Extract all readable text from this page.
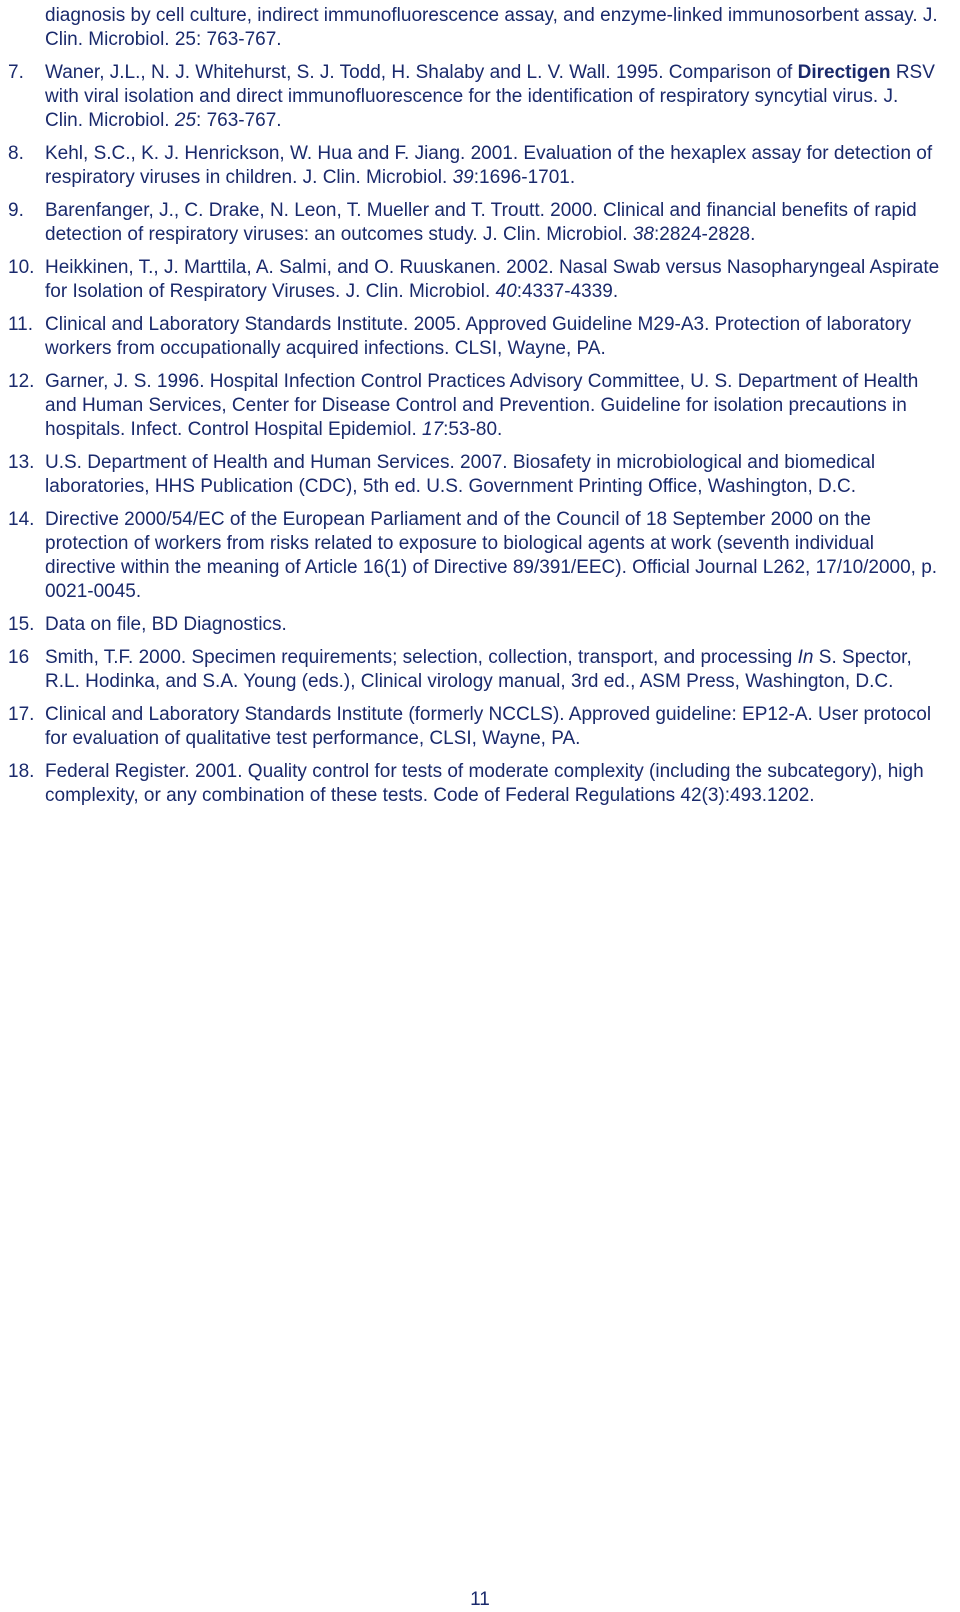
diagnosis by cell culture, indirect immunofluorescence assay, and enzyme-linked immunosorbent assay. J. Clin. Microbiol. 25: 763-767.
7. Waner, J.L., N. J. Whitehurst, S. J. Todd, H. Shalaby and L. V. Wall. 1995. Comparison of Directigen RSV with viral isolation and direct immunofluorescence for the identification of respiratory syncytial virus. J. Clin. Microbiol. 25: 763-767.
8. Kehl, S.C., K. J. Henrickson, W. Hua and F. Jiang. 2001. Evaluation of the hexaplex assay for detection of respiratory viruses in children. J. Clin. Microbiol. 39:1696-1701.
9. Barenfanger, J., C. Drake, N. Leon, T. Mueller and T. Troutt. 2000. Clinical and financial benefits of rapid detection of respiratory viruses: an outcomes study. J. Clin. Microbiol. 38:2824-2828.
10. Heikkinen, T., J. Marttila, A. Salmi, and O. Ruuskanen. 2002. Nasal Swab versus Nasopharyngeal Aspirate for Isolation of Respiratory Viruses. J. Clin. Microbiol. 40:4337-4339.
11. Clinical and Laboratory Standards Institute. 2005. Approved Guideline M29-A3. Protection of laboratory workers from occupationally acquired infections. CLSI, Wayne, PA.
12. Garner, J. S. 1996. Hospital Infection Control Practices Advisory Committee, U. S. Department of Health and Human Services, Center for Disease Control and Prevention. Guideline for isolation precautions in hospitals. Infect. Control Hospital Epidemiol. 17:53-80.
13. U.S. Department of Health and Human Services. 2007. Biosafety in microbiological and biomedical laboratories, HHS Publication (CDC), 5th ed. U.S. Government Printing Office, Washington, D.C.
14. Directive 2000/54/EC of the European Parliament and of the Council of 18 September 2000 on the protection of workers from risks related to exposure to biological agents at work (seventh individual directive within the meaning of Article 16(1) of Directive 89/391/EEC). Official Journal L262, 17/10/2000, p. 0021-0045.
15. Data on file, BD Diagnostics.
16 Smith, T.F. 2000. Specimen requirements; selection, collection, transport, and processing In S. Spector, R.L. Hodinka, and S.A. Young (eds.), Clinical virology manual, 3rd ed., ASM Press, Washington, D.C.
17. Clinical and Laboratory Standards Institute (formerly NCCLS). Approved guideline: EP12-A. User protocol for evaluation of qualitative test performance, CLSI, Wayne, PA.
18. Federal Register. 2001. Quality control for tests of moderate complexity (including the subcategory), high complexity, or any combination of these tests. Code of Federal Regulations 42(3):493.1202.
11
